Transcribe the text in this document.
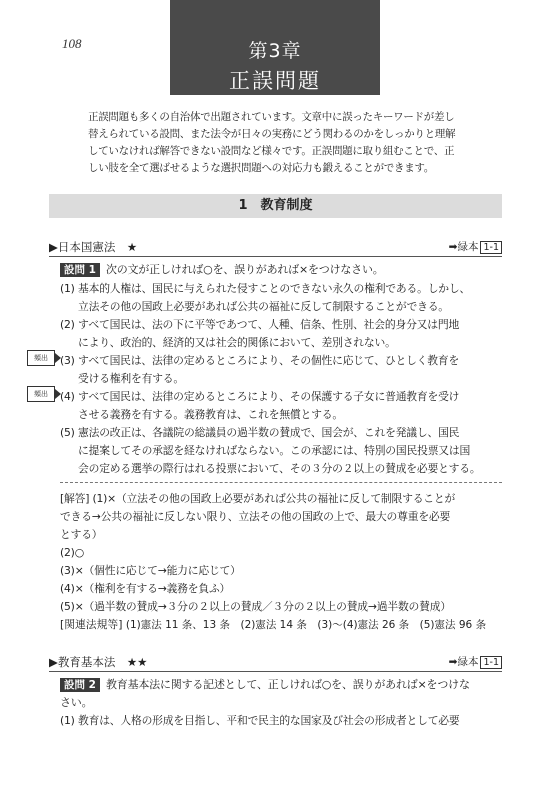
108	第3章
正誤問題

正誤問題も多くの自治体で出題されています。文章中に誤ったキーワードが差し

替えられている設問、また法令が日々の実務にどう関わるのかをしっかりと理解

していなければ解答できない設問など様々です。正誤問題に取り組むことで、正

しい肢を全て選ばせるような選択問題への対応力も鍛えることができます。

1　教育制度
▶日本国憲法　★	➡緑本 1-1
設問 1 次の文が正しければ○を、誤りがあれば×をつけなさい。
頻出
頻出
(1) 基本的人権は、国民に与えられた侵すことのできない永久の権利である。しかし、
立法その他の国政上必要があれば公共の福祉に反して制限することができる。
(2) すべて国民は、法の下に平等であつて、人種、信条、性別、社会的身分又は門地
により、政治的、経済的又は社会的関係において、差別されない。
(3) すべて国民は、法律の定めるところにより、その個性に応じて、ひとしく教育を
受ける権利を有する。
(4) すべて国民は、法律の定めるところにより、その保護する子女に普通教育を受け
させる義務を有する。義務教育は、これを無償とする。
(5) 憲法の改正は、各議院の総議員の過半数の賛成で、国会が、これを発議し、国民
に提案してその承認を経なければならない。この承認には、特別の国民投票又は国
会の定める選挙の際行はれる投票において、その３分の２以上の賛成を必要とする。
[解答] (1)×（立法その他の国政上必要があれば公共の福祉に反して制限することが
できる→公共の福祉に反しない限り、立法その他の国政の上で、最大の尊重を必要
とする）
(2)○
(3)×（個性に応じて→能力に応じて）
(4)×（権利を有する→義務を負ふ）
(5)×（過半数の賛成→３分の２以上の賛成／３分の２以上の賛成→過半数の賛成）
[関連法規等] (1)憲法 11 条、13 条　(2)憲法 14 条　(3)〜(4)憲法 26 条　(5)憲法 96 条
▶教育基本法　★★	➡緑本 1-1
設問 2 教育基本法に関する記述として、正しければ○を、誤りがあれば×をつけな
さい。
(1) 教育は、人格の形成を目指し、平和で民主的な国家及び社会の形成者として必要
